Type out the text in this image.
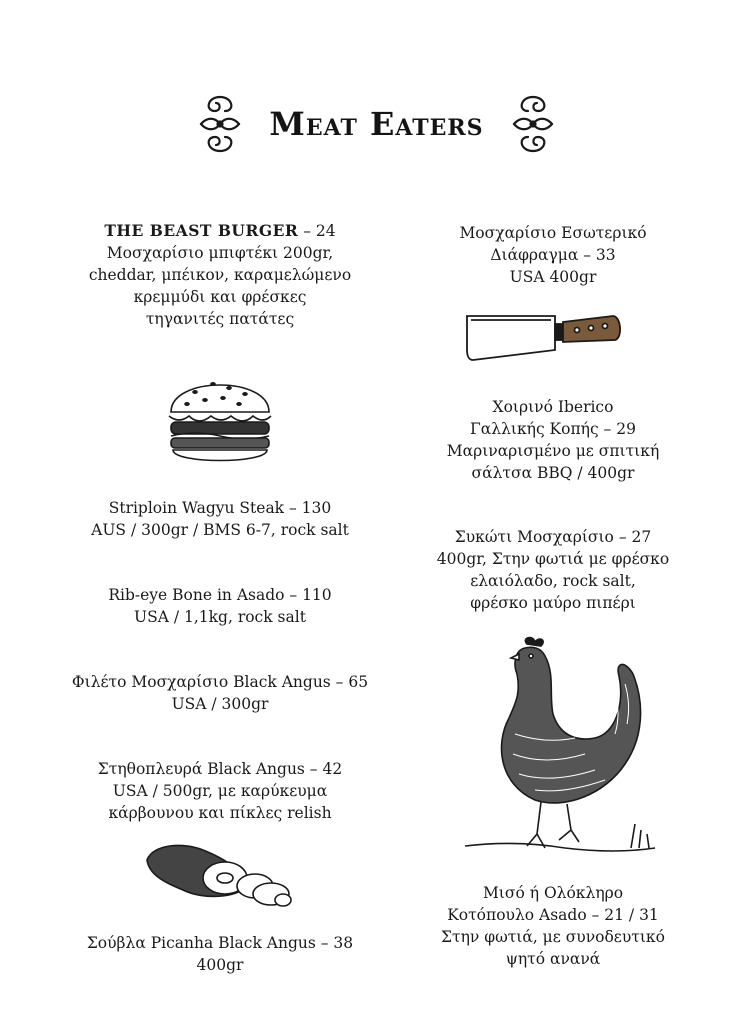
Meat Eaters
THE BEAST BURGER – 24
Μοσχαρίσιο μπιφτέκι 200gr,
cheddar, μπέικον, καραμελώμενο
κρεμμύδι και φρέσκες
τηγανιτές πατάτες
Striploin Wagyu Steak – 130
AUS / 300gr / BMS 6-7, rock salt
Rib-eye Bone in Asado – 110
USA / 1,1kg, rock salt
Φιλέτο Μοσχαρίσιο Black Angus – 65
USA / 300gr
Στηθοπλευρά Black Angus – 42
USA / 500gr, με καρύκευμα
κάρβουνου και πίκλες relish
Σούβλα Picanha Black Angus – 38
400gr
Μοσχαρίσιο Εσωτερικό
Διάφραγμα – 33
USA 400gr
Χοιρινό Iberico
Γαλλικής Κοπής – 29
Μαριναρισμένο με σπιτική
σάλτσα BBQ / 400gr
Συκώτι Μοσχαρίσιο – 27
400gr, Στην φωτιά με φρέσκο
ελαιόλαδο, rock salt,
φρέσκο μαύρο πιπέρι
Μισό ή Ολόκληρο
Κοτόπουλο Asado – 21 / 31
Στην φωτιά, με συνοδευτικό
ψητό ανανά
